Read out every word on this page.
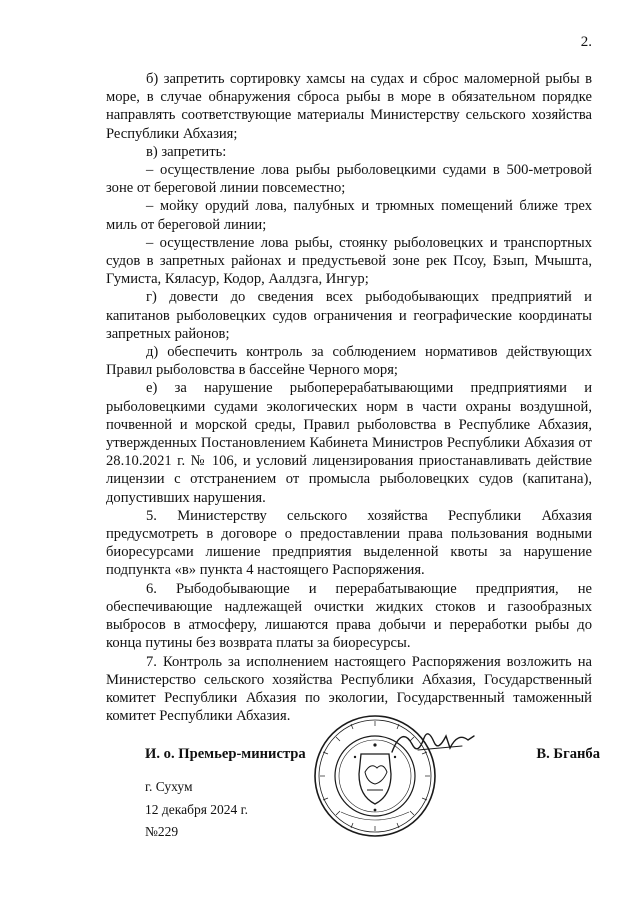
2.

б) запретить сортировку хамсы на судах и сброс маломерной рыбы в море, в случае обнаружения сброса рыбы в море в обязательном порядке направлять соответствующие материалы Министерству сельского хозяйства Республики Абхазия;

в) запретить:

– осуществление лова рыбы рыболовецкими судами в 500-метровой зоне от береговой линии повсеместно;

– мойку орудий лова, палубных и трюмных помещений ближе трех миль от береговой линии;

– осуществление лова рыбы, стоянку рыболовецких и транспортных судов в запретных районах и предустьевой зоне рек Псоу, Бзып, Мчышта, Гумиста, Кяласур, Кодор, Аалдзга, Ингур;

г) довести до сведения всех рыбодобывающих предприятий и капитанов рыболовецких судов ограничения и географические координаты запретных районов;

д) обеспечить контроль за соблюдением нормативов действующих Правил рыболовства в бассейне Черного моря;

е) за нарушение рыбоперерабатывающими предприятиями и рыболовецкими судами экологических норм в части охраны воздушной, почвенной и морской среды, Правил рыболовства в Республике Абхазия, утвержденных Постановлением Кабинета Министров Республики Абхазия от 28.10.2021 г. № 106, и условий лицензирования приостанавливать действие лицензии с отстранением от промысла рыболовецких судов (капитана), допустивших нарушения.

5. Министерству сельского хозяйства Республики Абхазия предусмотреть в договоре о предоставлении права пользования водными биоресурсами лишение предприятия выделенной квоты за нарушение подпункта «в» пункта 4 настоящего Распоряжения.

6. Рыбодобывающие и перерабатывающие предприятия, не обеспечивающие надлежащей очистки жидких стоков и газообразных выбросов в атмосферу, лишаются права добычи и переработки рыбы до конца путины без возврата платы за биоресурсы.

7. Контроль за исполнением настоящего Распоряжения возложить на Министерство сельского хозяйства Республики Абхазия, Государственный комитет Республики Абхазия по экологии, Государственный таможенный комитет Республики Абхазия.

И. о. Премьер-министра	В. Бганба
г. Сухум
12 декабря 2024 г.
№229
